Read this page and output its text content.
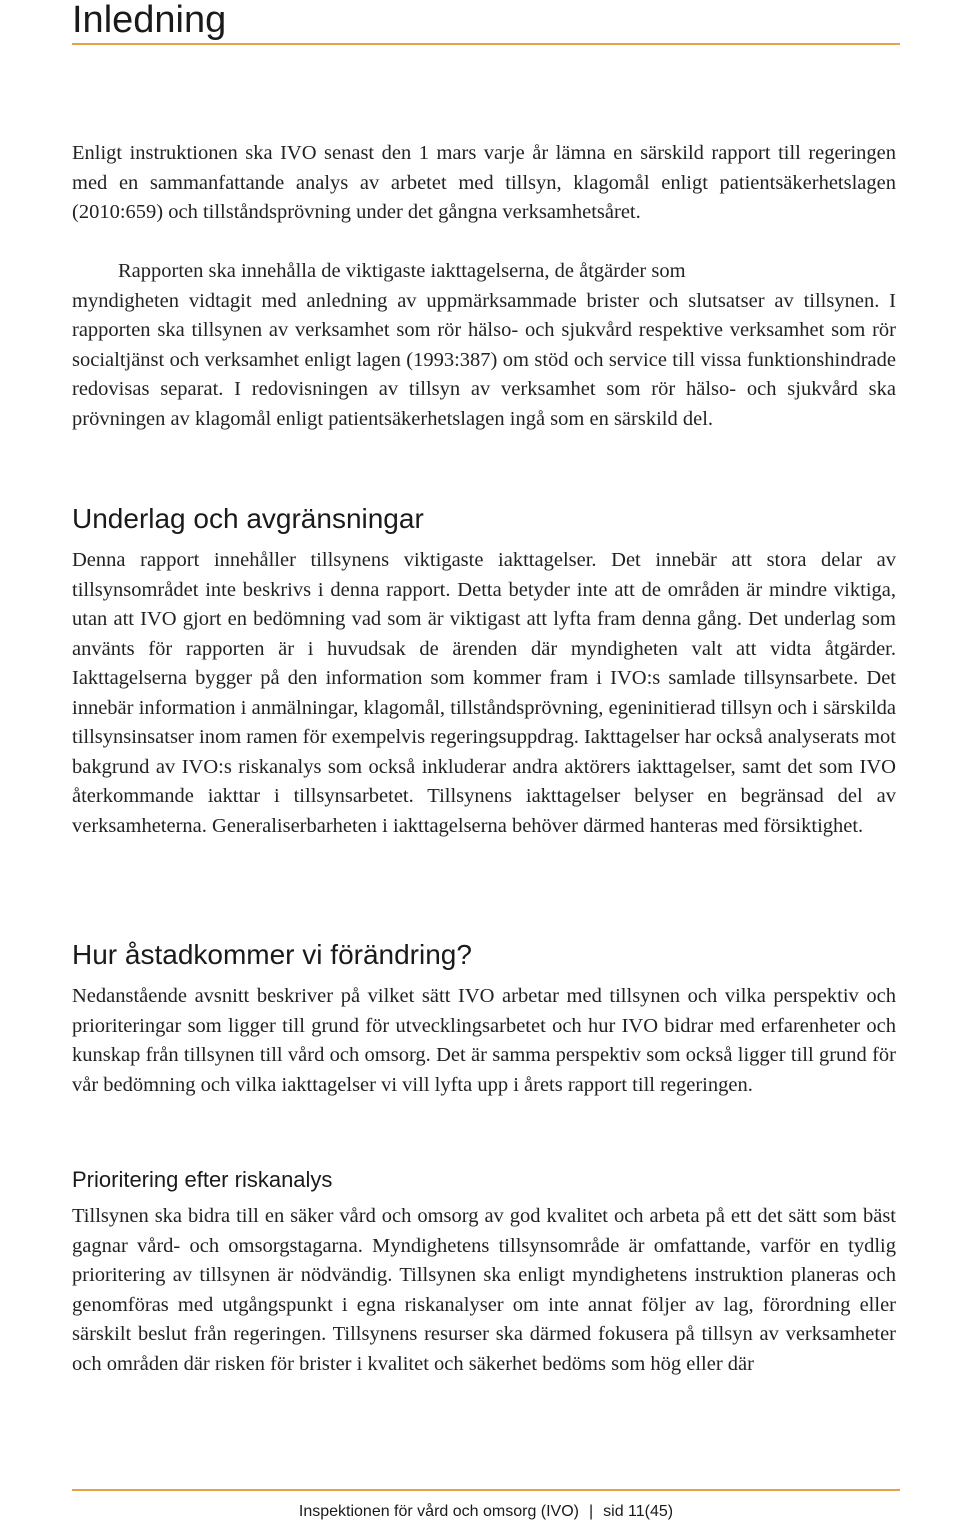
Inledning

Enligt instruktionen ska IVO senast den 1 mars varje år lämna en särskild rapport till regeringen med en sammanfattande analys av arbetet med tillsyn, klagomål enligt patientsäkerhetslagen (2010:659) och tillståndsprövning under det gångna verksamhetsåret.

Rapporten ska innehålla de viktigaste iakttagelserna, de åtgärder som
myndigheten vidtagit med anledning av uppmärksammade brister och slutsatser av tillsynen. I rapporten ska tillsynen av verksamhet som rör hälso- och sjukvård respektive verksamhet som rör socialtjänst och verksamhet enligt lagen (1993:387) om stöd och service till vissa funktionshindrade redovisas separat. I redovisningen av tillsyn av verksamhet som rör hälso- och sjukvård ska prövningen av klagomål enligt patientsäkerhetslagen ingå som en särskild del.
Underlag och avgränsningar

Denna rapport innehåller tillsynens viktigaste iakttagelser. Det innebär att stora delar av tillsynsområdet inte beskrivs i denna rapport. Detta betyder inte att de områden är mindre viktiga, utan att IVO gjort en bedömning vad som är viktigast att lyfta fram denna gång. Det underlag som använts för rapporten är i huvudsak de ärenden där myndigheten valt att vidta åtgärder. Iakttagelserna bygger på den information som kommer fram i IVO:s samlade tillsynsarbete. Det innebär information i anmälningar, klagomål, tillståndsprövning, egeninitierad tillsyn och i särskilda tillsynsinsatser inom ramen för exempelvis regeringsuppdrag. Iakttagelser har också analyserats mot bakgrund av IVO:s riskanalys som också inkluderar andra aktörers iakttagelser, samt det som IVO återkommande iakttar i tillsynsarbetet. Tillsynens iakttagelser belyser en begränsad del av verksamheterna. Generaliserbarheten i iakttagelserna behöver därmed hanteras med försiktighet.

Hur åstadkommer vi förändring?

Nedanstående avsnitt beskriver på vilket sätt IVO arbetar med tillsynen och vilka perspektiv och prioriteringar som ligger till grund för utvecklingsarbetet och hur IVO bidrar med erfarenheter och kunskap från tillsynen till vård och omsorg. Det är samma perspektiv som också ligger till grund för vår bedömning och vilka iakttagelser vi vill lyfta upp i årets rapport till regeringen.

Prioritering efter riskanalys

Tillsynen ska bidra till en säker vård och omsorg av god kvalitet och arbeta på ett det sätt som bäst gagnar vård- och omsorgstagarna. Myndighetens tillsynsområde är omfattande, varför en tydlig prioritering av tillsynen är nödvändig. Tillsynen ska enligt myndighetens instruktion planeras och genomföras med utgångspunkt i egna riskanalyser om inte annat följer av lag, förordning eller särskilt beslut från regeringen. Tillsynens resurser ska därmed fokusera på tillsyn av verksamheter och områden där risken för brister i kvalitet och säkerhet bedöms som hög eller där

Inspektionen för vård och omsorg (IVO) | sid 11(45)
